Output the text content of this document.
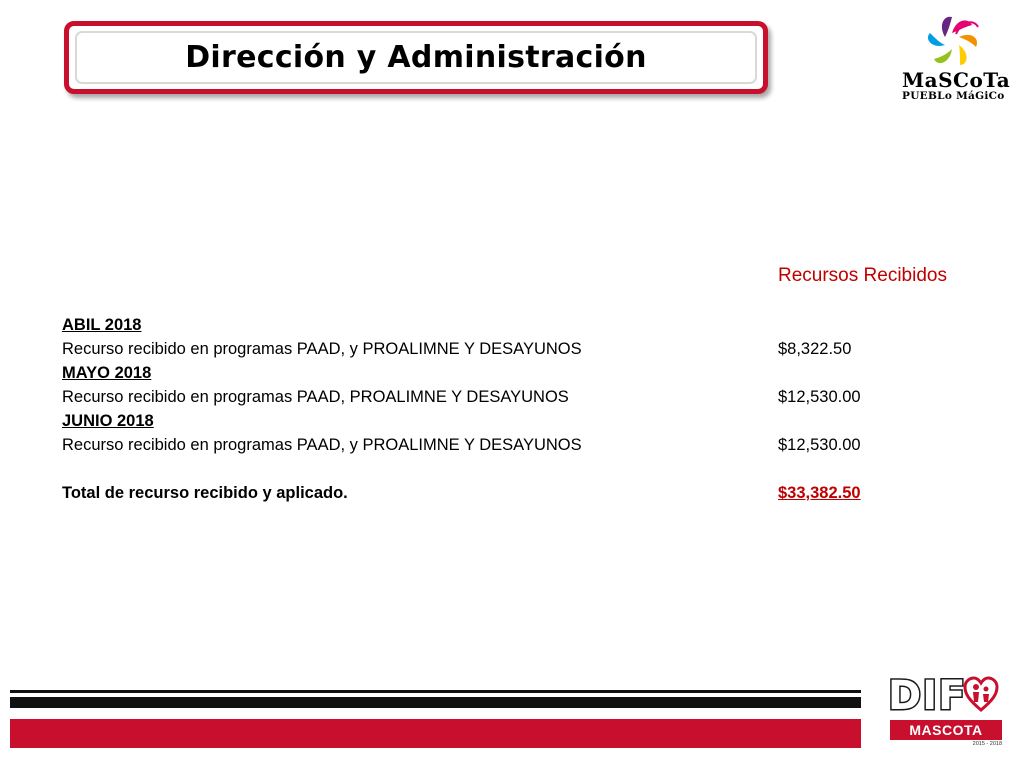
Dirección y Administración
MaSCoTa
PUEBLo MáGiCo
Recursos Recibidos
ABIL 2018
Recurso recibido en programas PAAD, y PROALIMNE Y DESAYUNOS	$8,322.50
MAYO 2018
Recurso recibido en programas PAAD, PROALIMNE Y DESAYUNOS	$12,530.00
JUNIO 2018
Recurso recibido en programas PAAD, y PROALIMNE Y DESAYUNOS	$12,530.00
Total de recurso recibido y aplicado.	$33,382.50
DIF
MASCOTA
2015 - 2018
